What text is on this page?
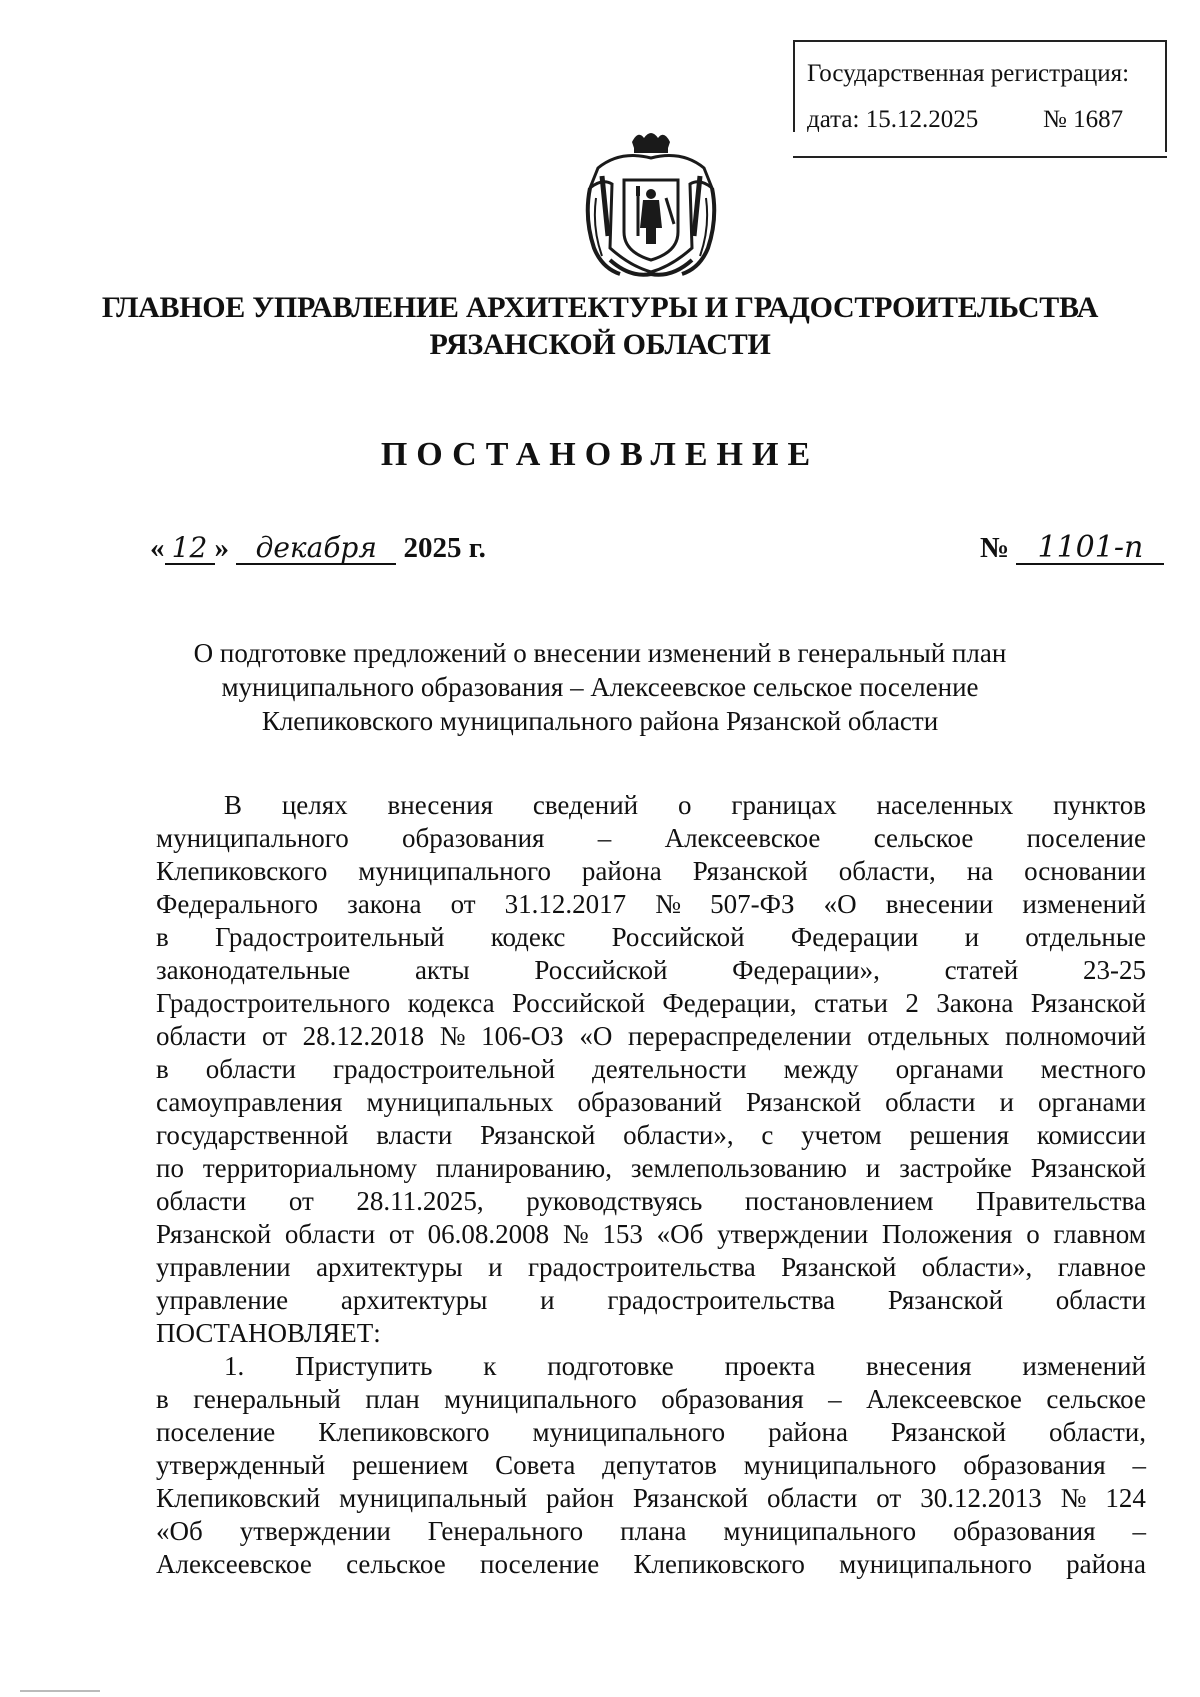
Государственная регистрация:
дата: 15.12.2025	№ 1687
ГЛАВНОЕ УПРАВЛЕНИЕ АРХИТЕКТУРЫ И ГРАДОСТРОИТЕЛЬСТВА
РЯЗАНСКОЙ ОБЛАСТИ
ПОСТАНОВЛЕНИЕ
« 12 » декабря 2025 г.	№ 1101-п
О подготовке предложений о внесении изменений в генеральный план
муниципального образования – Алексеевское сельское поселение
Клепиковского муниципального района Рязанской области
В целях внесения сведений о границах населенных пунктов
муниципального образования – Алексеевское сельское поселение
Клепиковского муниципального района Рязанской области, на основании
Федерального закона от 31.12.2017 № 507-ФЗ «О внесении изменений
в Градостроительный кодекс Российской Федерации и отдельные
законодательные акты Российской Федерации», статей 23-25
Градостроительного кодекса Российской Федерации, статьи 2 Закона Рязанской
области от 28.12.2018 № 106-ОЗ «О перераспределении отдельных полномочий
в области градостроительной деятельности между органами местного
самоуправления муниципальных образований Рязанской области и органами
государственной власти Рязанской области», с учетом решения комиссии
по территориальному планированию, землепользованию и застройке Рязанской
области от 28.11.2025, руководствуясь постановлением Правительства
Рязанской области от 06.08.2008 № 153 «Об утверждении Положения о главном
управлении архитектуры и градостроительства Рязанской области», главное
управление архитектуры и градостроительства Рязанской области
ПОСТАНОВЛЯЕТ:
1. Приступить к подготовке проекта внесения изменений
в генеральный план муниципального образования – Алексеевское сельское
поселение Клепиковского муниципального района Рязанской области,
утвержденный решением Совета депутатов муниципального образования –
Клепиковский муниципальный район Рязанской области от 30.12.2013 № 124
«Об утверждении Генерального плана муниципального образования –
Алексеевское сельское поселение Клепиковского муниципального района
